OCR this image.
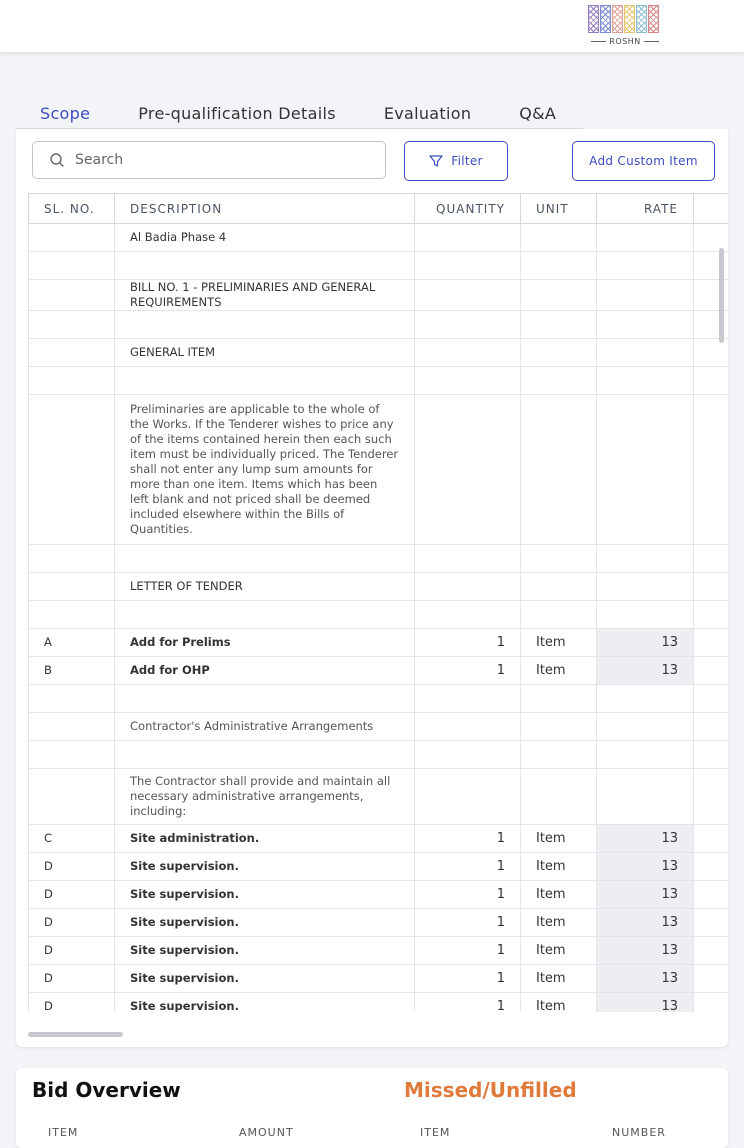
ROSHN
Scope	Pre-qualification Details	Evaluation	Q&A
Search
Filter	Add Custom Item
SL. NO.	DESCRIPTION	QUANTITY	UNIT	RATE	
	Al Badia Phase 4				

	BILL NO. 1 - PRELIMINARIES AND GENERAL REQUIREMENTS				

	GENERAL ITEM				

	Preliminaries are applicable to the whole of the Works. If the Tenderer wishes to price any of the items contained herein then each such item must be individually priced. The Tenderer shall not enter any lump sum amounts for more than one item. Items which has been left blank and not priced shall be deemed included elsewhere within the Bills of Quantities.				

	LETTER OF TENDER				

A	Add for Prelims	1	Item	13	
B	Add for OHP	1	Item	13	

	Contractor's Administrative Arrangements				

	The Contractor shall provide and maintain all necessary administrative arrangements, including:				
C	Site administration.	1	Item	13	
D	Site supervision.	1	Item	13	
D	Site supervision.	1	Item	13	
D	Site supervision.	1	Item	13	
D	Site supervision.	1	Item	13	
D	Site supervision.	1	Item	13	
D	Site supervision.	1	Item	13	
Bid Overview	Missed/Unfilled
ITEM	AMOUNT	ITEM	NUMBER
